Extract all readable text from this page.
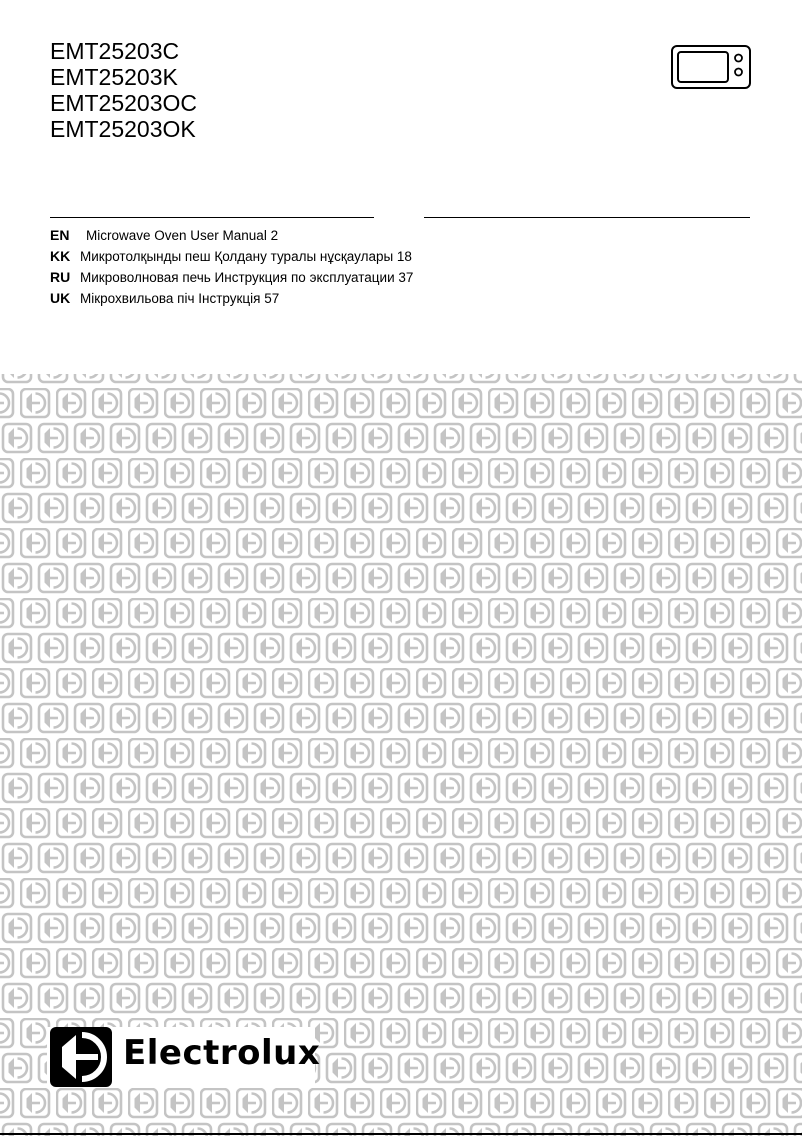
EMT25203C
EMT25203K
EMT25203OC
EMT25203OK
EN Microwave Oven User Manual 2
KK Микротолқынды пеш Қолдану туралы нұсқаулары 18
RU Микроволновая печь Инструкция по эксплуатации 37
UK Мікрохвильова піч Інструкція 57
Electrolux
